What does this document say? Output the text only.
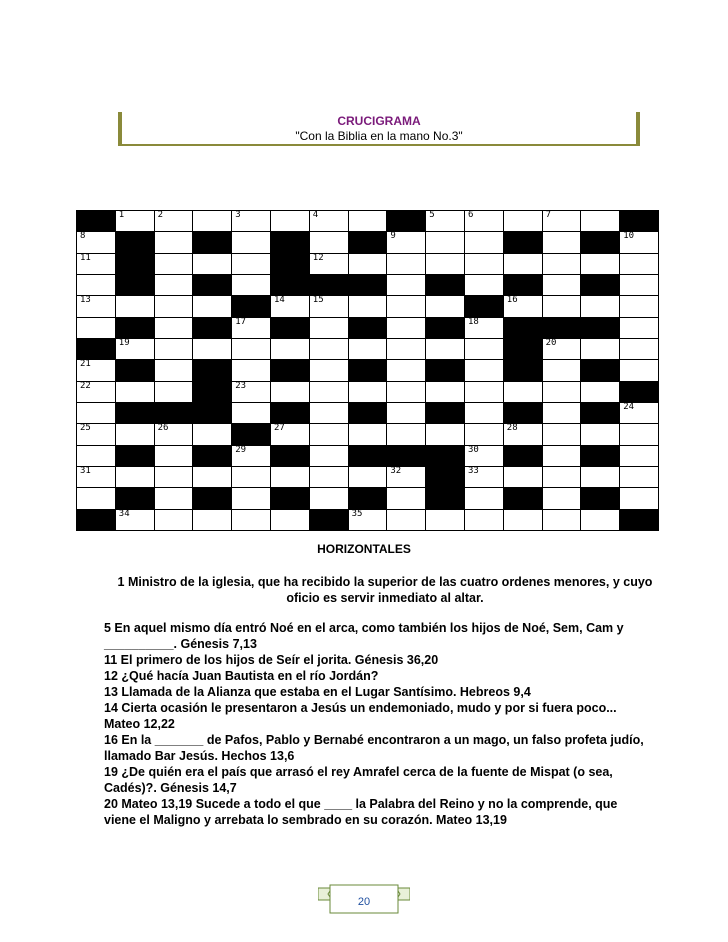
CRUCIGRAMA
"Con la Biblia en la mano No.3"
1	2	3	4	5	6	7
8	9	10
11	12
13	14	15	16
17	18
19	20
21
22	23
24
25	26	27	28
29	30
31	32	33
34	35
HORIZONTALES
1 Ministro de la iglesia, que ha recibido la superior de las cuatro ordenes menores, y cuyo oficio es servir inmediato al altar.
5 En aquel mismo día entró Noé en el arca, como también los hijos de Noé, Sem, Cam y __________. Génesis 7,13
11 El primero de los hijos de Seír el jorita. Génesis 36,20
12 ¿Qué hacía Juan Bautista en el río Jordán?
13 Llamada de la Alianza que estaba en el Lugar Santísimo. Hebreos 9,4
14 Cierta ocasión le presentaron a Jesús un endemoniado, mudo y por si fuera poco... Mateo 12,22
16 En la _______ de Pafos, Pablo y Bernabé encontraron a un mago, un falso profeta judío, llamado Bar Jesús. Hechos 13,6
19 ¿De quién era el país que arrasó el rey Amrafel cerca de la fuente de Mispat (o sea, Cadés)?. Génesis 14,7
20 Mateo 13,19 Sucede a todo el que ____ la Palabra del Reino y no la comprende, que viene el Maligno y arrebata lo sembrado en su corazón. Mateo 13,19
20
